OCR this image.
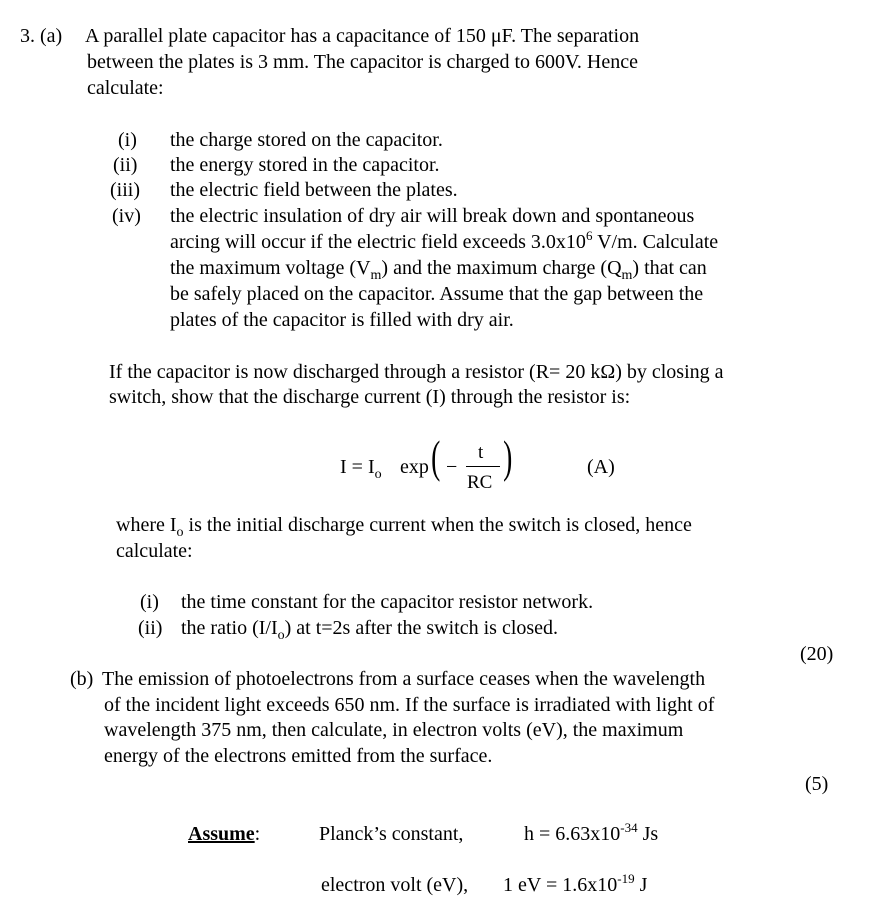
3. (a) A parallel plate capacitor has a capacitance of 150 μF. The separation
between the plates is 3 mm. The capacitor is charged to 600V. Hence
calculate:
(i) the charge stored on the capacitor.
(ii) the energy stored in the capacitor.
(iii) the electric field between the plates.
(iv) the electric insulation of dry air will break down and spontaneous
arcing will occur if the electric field exceeds $3.0x10^6$ V/m. Calculate
the maximum voltage $(V_m)$ and the maximum charge $(Q_m)$ that can
be safely placed on the capacitor. Assume that the gap between the
plates of the capacitor is filled with dry air.
If the capacitor is now discharged through a resistor (R= 20 kΩ) by closing a
switch, show that the discharge current (I) through the resistor is:
$I = I_o$ exp ( −
t
RC
)	(A)
where $I_o$ is the initial discharge current when the switch is closed, hence
calculate:
(i) the time constant for the capacitor resistor network.
(ii) the ratio $(I/I_o)$ at t=2s after the switch is closed.
(20)
(b) The emission of photoelectrons from a surface ceases when the wavelength
of the incident light exceeds 650 nm. If the surface is irradiated with light of
wavelength 375 nm, then calculate, in electron volts (eV), the maximum
energy of the electrons emitted from the surface.
(5)
Assume:	Planck’s constant,	$h = 6.63x10^{-34}$ Js
electron volt (eV), 1 eV = $1.6x10^{-19}$ J
